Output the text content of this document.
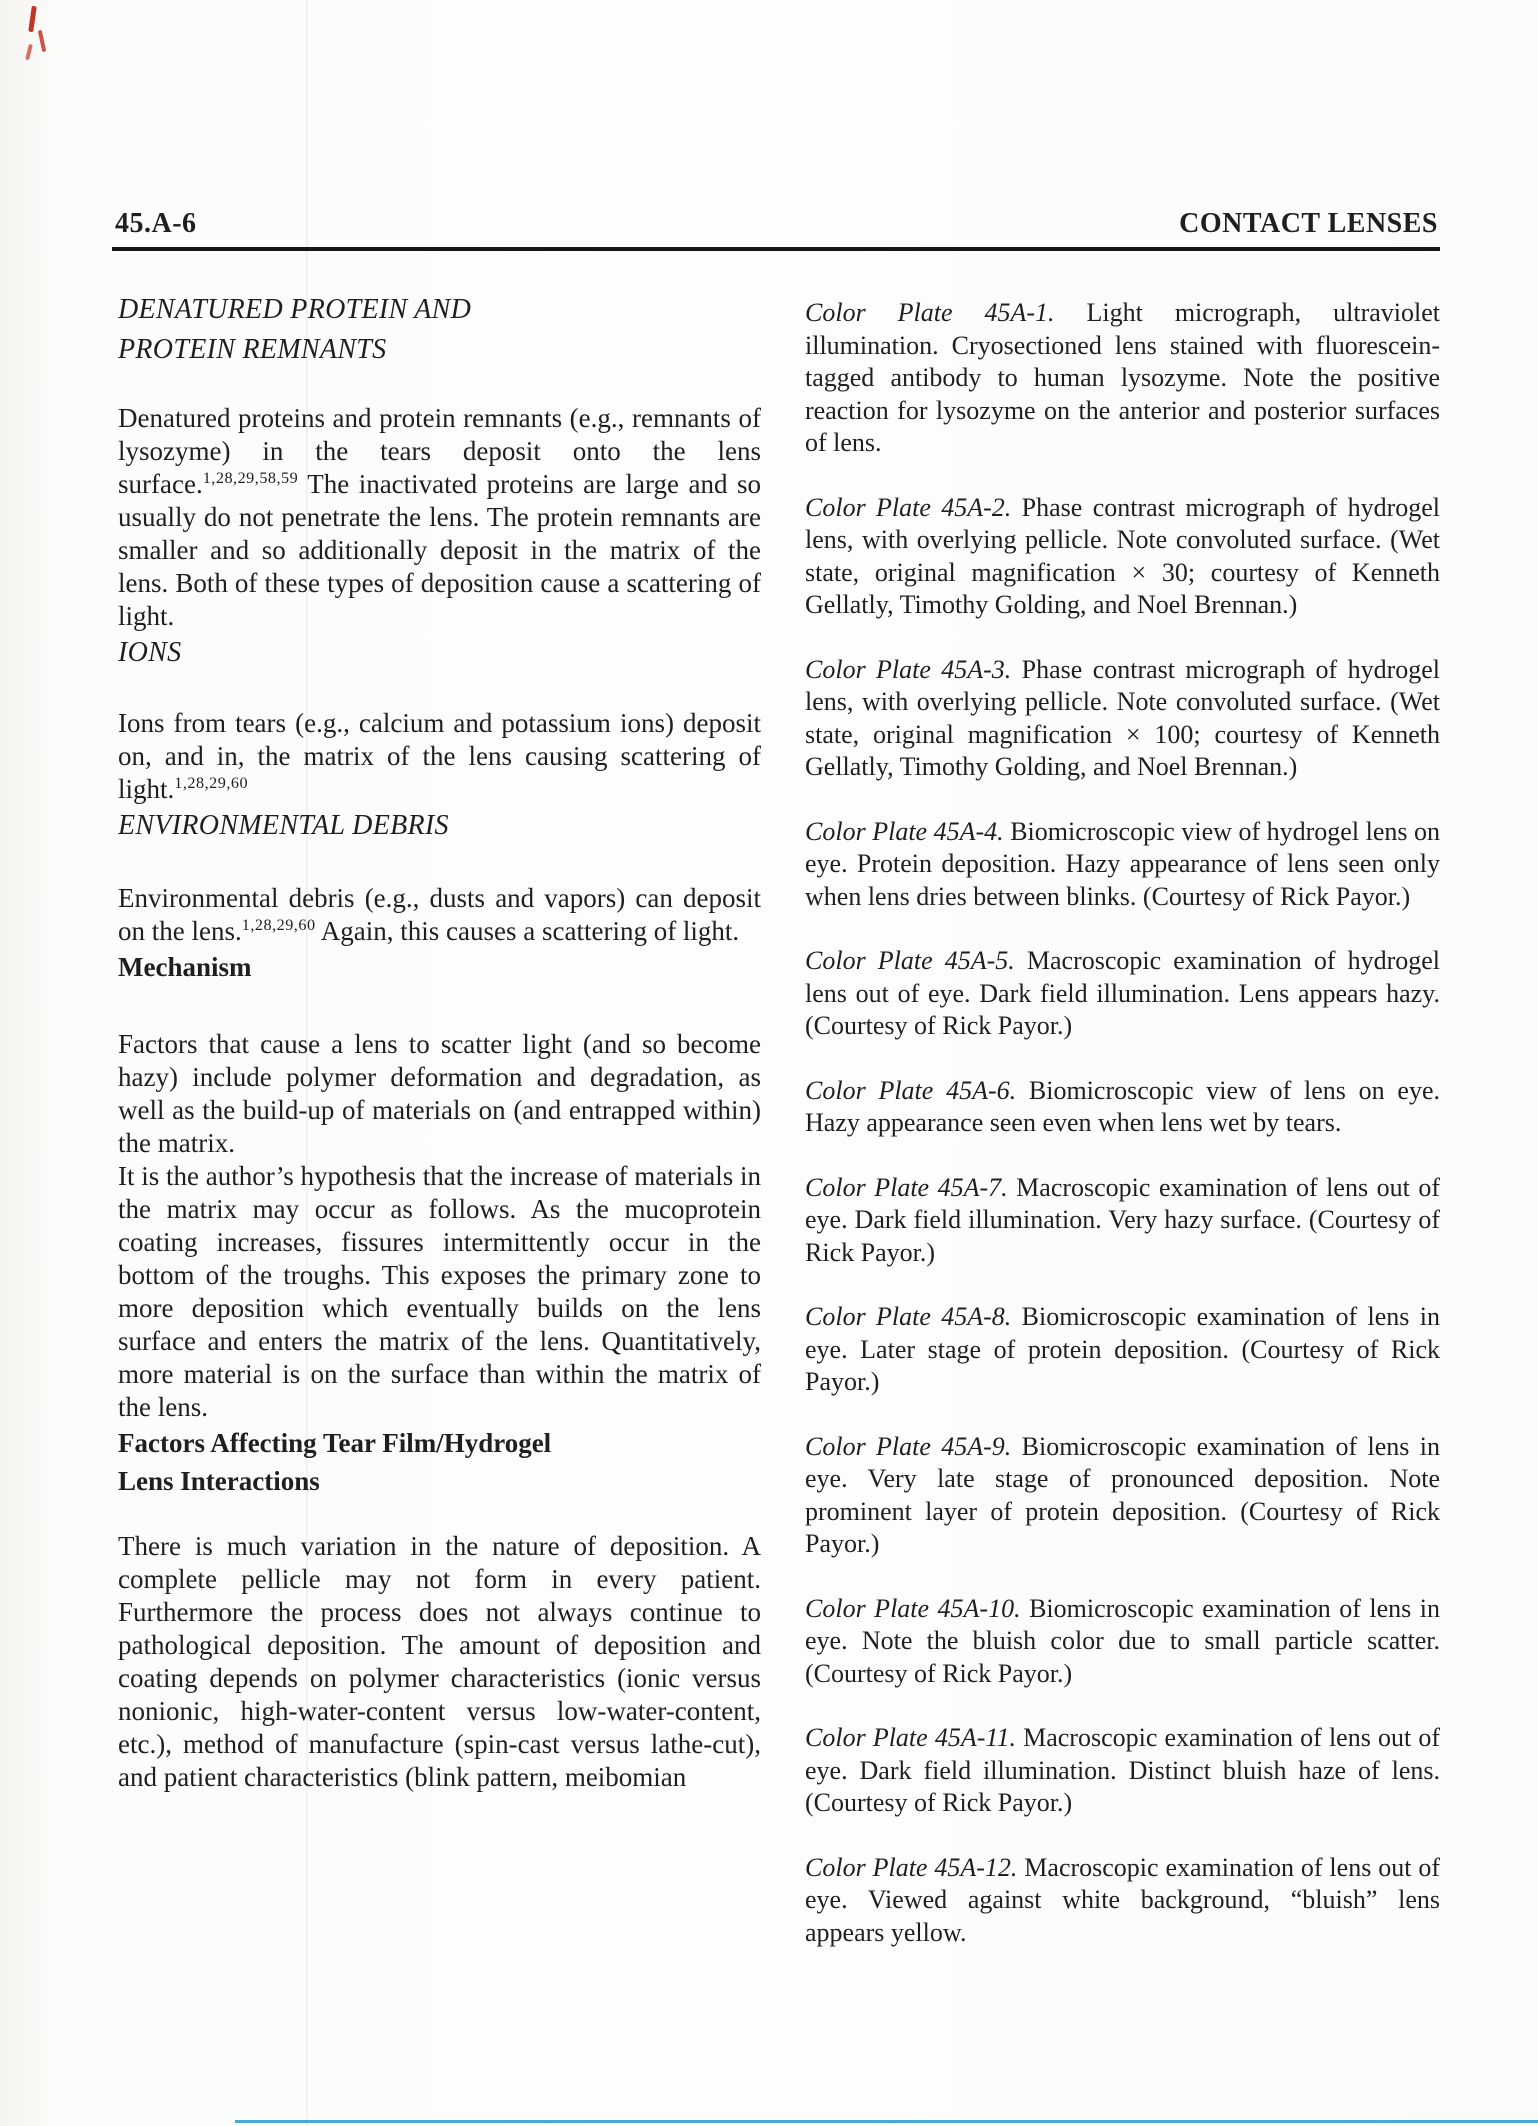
45.A-6	CONTACT LENSES
DENATURED PROTEIN AND
PROTEIN REMNANTS

Denatured proteins and protein remnants (e.g., remnants of lysozyme) in the tears deposit onto the lens surface.$^{1,28,29,58,59}$ The inactivated proteins are large and so usually do not penetrate the lens. The protein remnants are smaller and so additionally deposit in the matrix of the lens. Both of these types of deposition cause a scattering of light.

IONS

Ions from tears (e.g., calcium and potassium ions) deposit on, and in, the matrix of the lens causing scattering of light.$^{1,28,29,60}$

ENVIRONMENTAL DEBRIS

Environmental debris (e.g., dusts and vapors) can deposit on the lens.$^{1,28,29,60}$ Again, this causes a scattering of light.

Mechanism

Factors that cause a lens to scatter light (and so become hazy) include polymer deformation and degradation, as well as the build-up of materials on (and entrapped within) the matrix.

It is the author’s hypothesis that the increase of materials in the matrix may occur as follows. As the mucoprotein coating increases, fissures intermittently occur in the bottom of the troughs. This exposes the primary zone to more deposition which eventually builds on the lens surface and enters the matrix of the lens. Quantitatively, more material is on the surface than within the matrix of the lens.

Factors Affecting Tear Film/Hydrogel
Lens Interactions

There is much variation in the nature of deposition. A complete pellicle may not form in every patient. Furthermore the process does not always continue to pathological deposition. The amount of deposition and coating depends on polymer characteristics (ionic versus nonionic, high-water-content versus low-water-content, etc.), method of manufacture (spin-cast versus lathe-cut), and patient characteristics (blink pattern, meibomian

Color Plate 45A-1. Light micrograph, ultraviolet illumination. Cryosectioned lens stained with fluorescein-tagged antibody to human lysozyme. Note the positive reaction for lysozyme on the anterior and posterior surfaces of lens.

Color Plate 45A-2. Phase contrast micrograph of hydrogel lens, with overlying pellicle. Note convoluted surface. (Wet state, original magnification × 30; courtesy of Kenneth Gellatly, Timothy Golding, and Noel Brennan.)

Color Plate 45A-3. Phase contrast micrograph of hydrogel lens, with overlying pellicle. Note convoluted surface. (Wet state, original magnification × 100; courtesy of Kenneth Gellatly, Timothy Golding, and Noel Brennan.)

Color Plate 45A-4. Biomicroscopic view of hydrogel lens on eye. Protein deposition. Hazy appearance of lens seen only when lens dries between blinks. (Courtesy of Rick Payor.)

Color Plate 45A-5. Macroscopic examination of hydrogel lens out of eye. Dark field illumination. Lens appears hazy. (Courtesy of Rick Payor.)

Color Plate 45A-6. Biomicroscopic view of lens on eye. Hazy appearance seen even when lens wet by tears.

Color Plate 45A-7. Macroscopic examination of lens out of eye. Dark field illumination. Very hazy surface. (Courtesy of Rick Payor.)

Color Plate 45A-8. Biomicroscopic examination of lens in eye. Later stage of protein deposition. (Courtesy of Rick Payor.)

Color Plate 45A-9. Biomicroscopic examination of lens in eye. Very late stage of pronounced deposition. Note prominent layer of protein deposition. (Courtesy of Rick Payor.)

Color Plate 45A-10. Biomicroscopic examination of lens in eye. Note the bluish color due to small particle scatter. (Courtesy of Rick Payor.)

Color Plate 45A-11. Macroscopic examination of lens out of eye. Dark field illumination. Distinct bluish haze of lens. (Courtesy of Rick Payor.)

Color Plate 45A-12. Macroscopic examination of lens out of eye. Viewed against white background, “bluish” lens appears yellow.
